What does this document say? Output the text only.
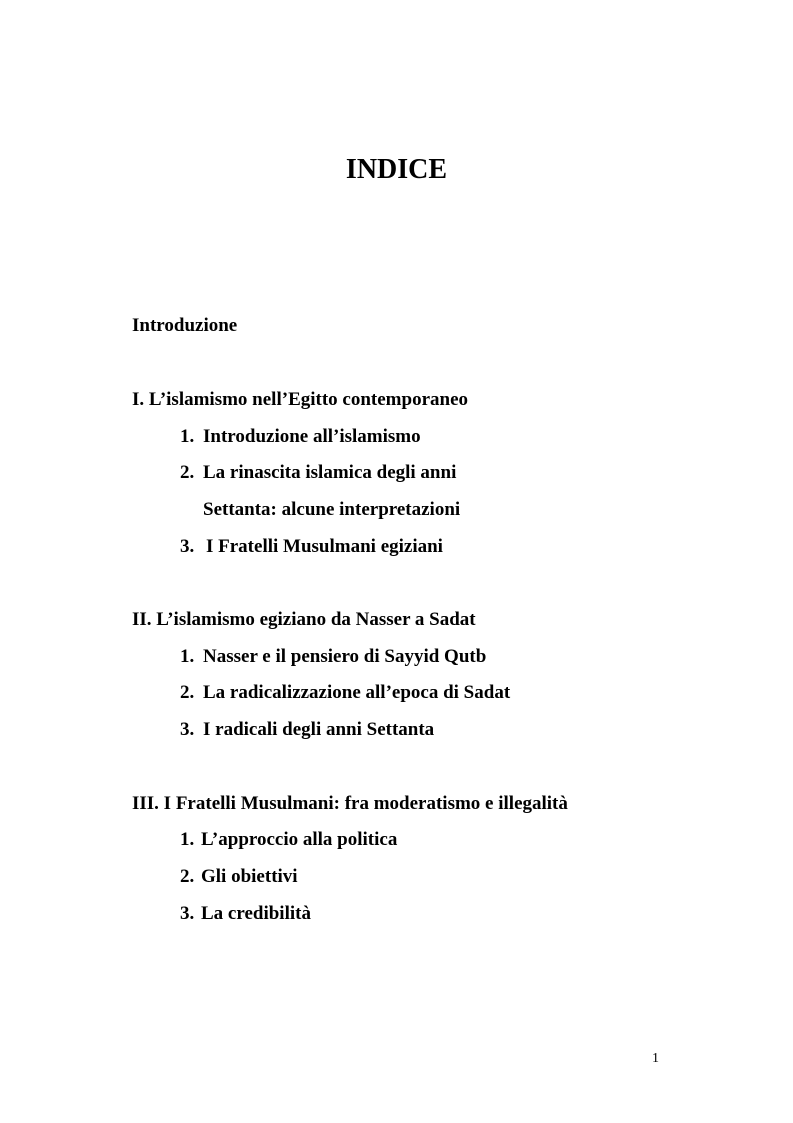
INDICE
Introduzione
I. L’islamismo nell’Egitto contemporaneo
1. Introduzione all’islamismo
2. La rinascita islamica degli anni
Settanta: alcune interpretazioni
3. I Fratelli Musulmani egiziani
II. L’islamismo egiziano da Nasser a Sadat
1. Nasser e il pensiero di Sayyid Qutb
2. La radicalizzazione all’epoca di Sadat
3. I radicali degli anni Settanta
III. I Fratelli Musulmani: fra moderatismo e illegalità
1. L’approccio alla politica
2. Gli obiettivi
3. La credibilità
1
